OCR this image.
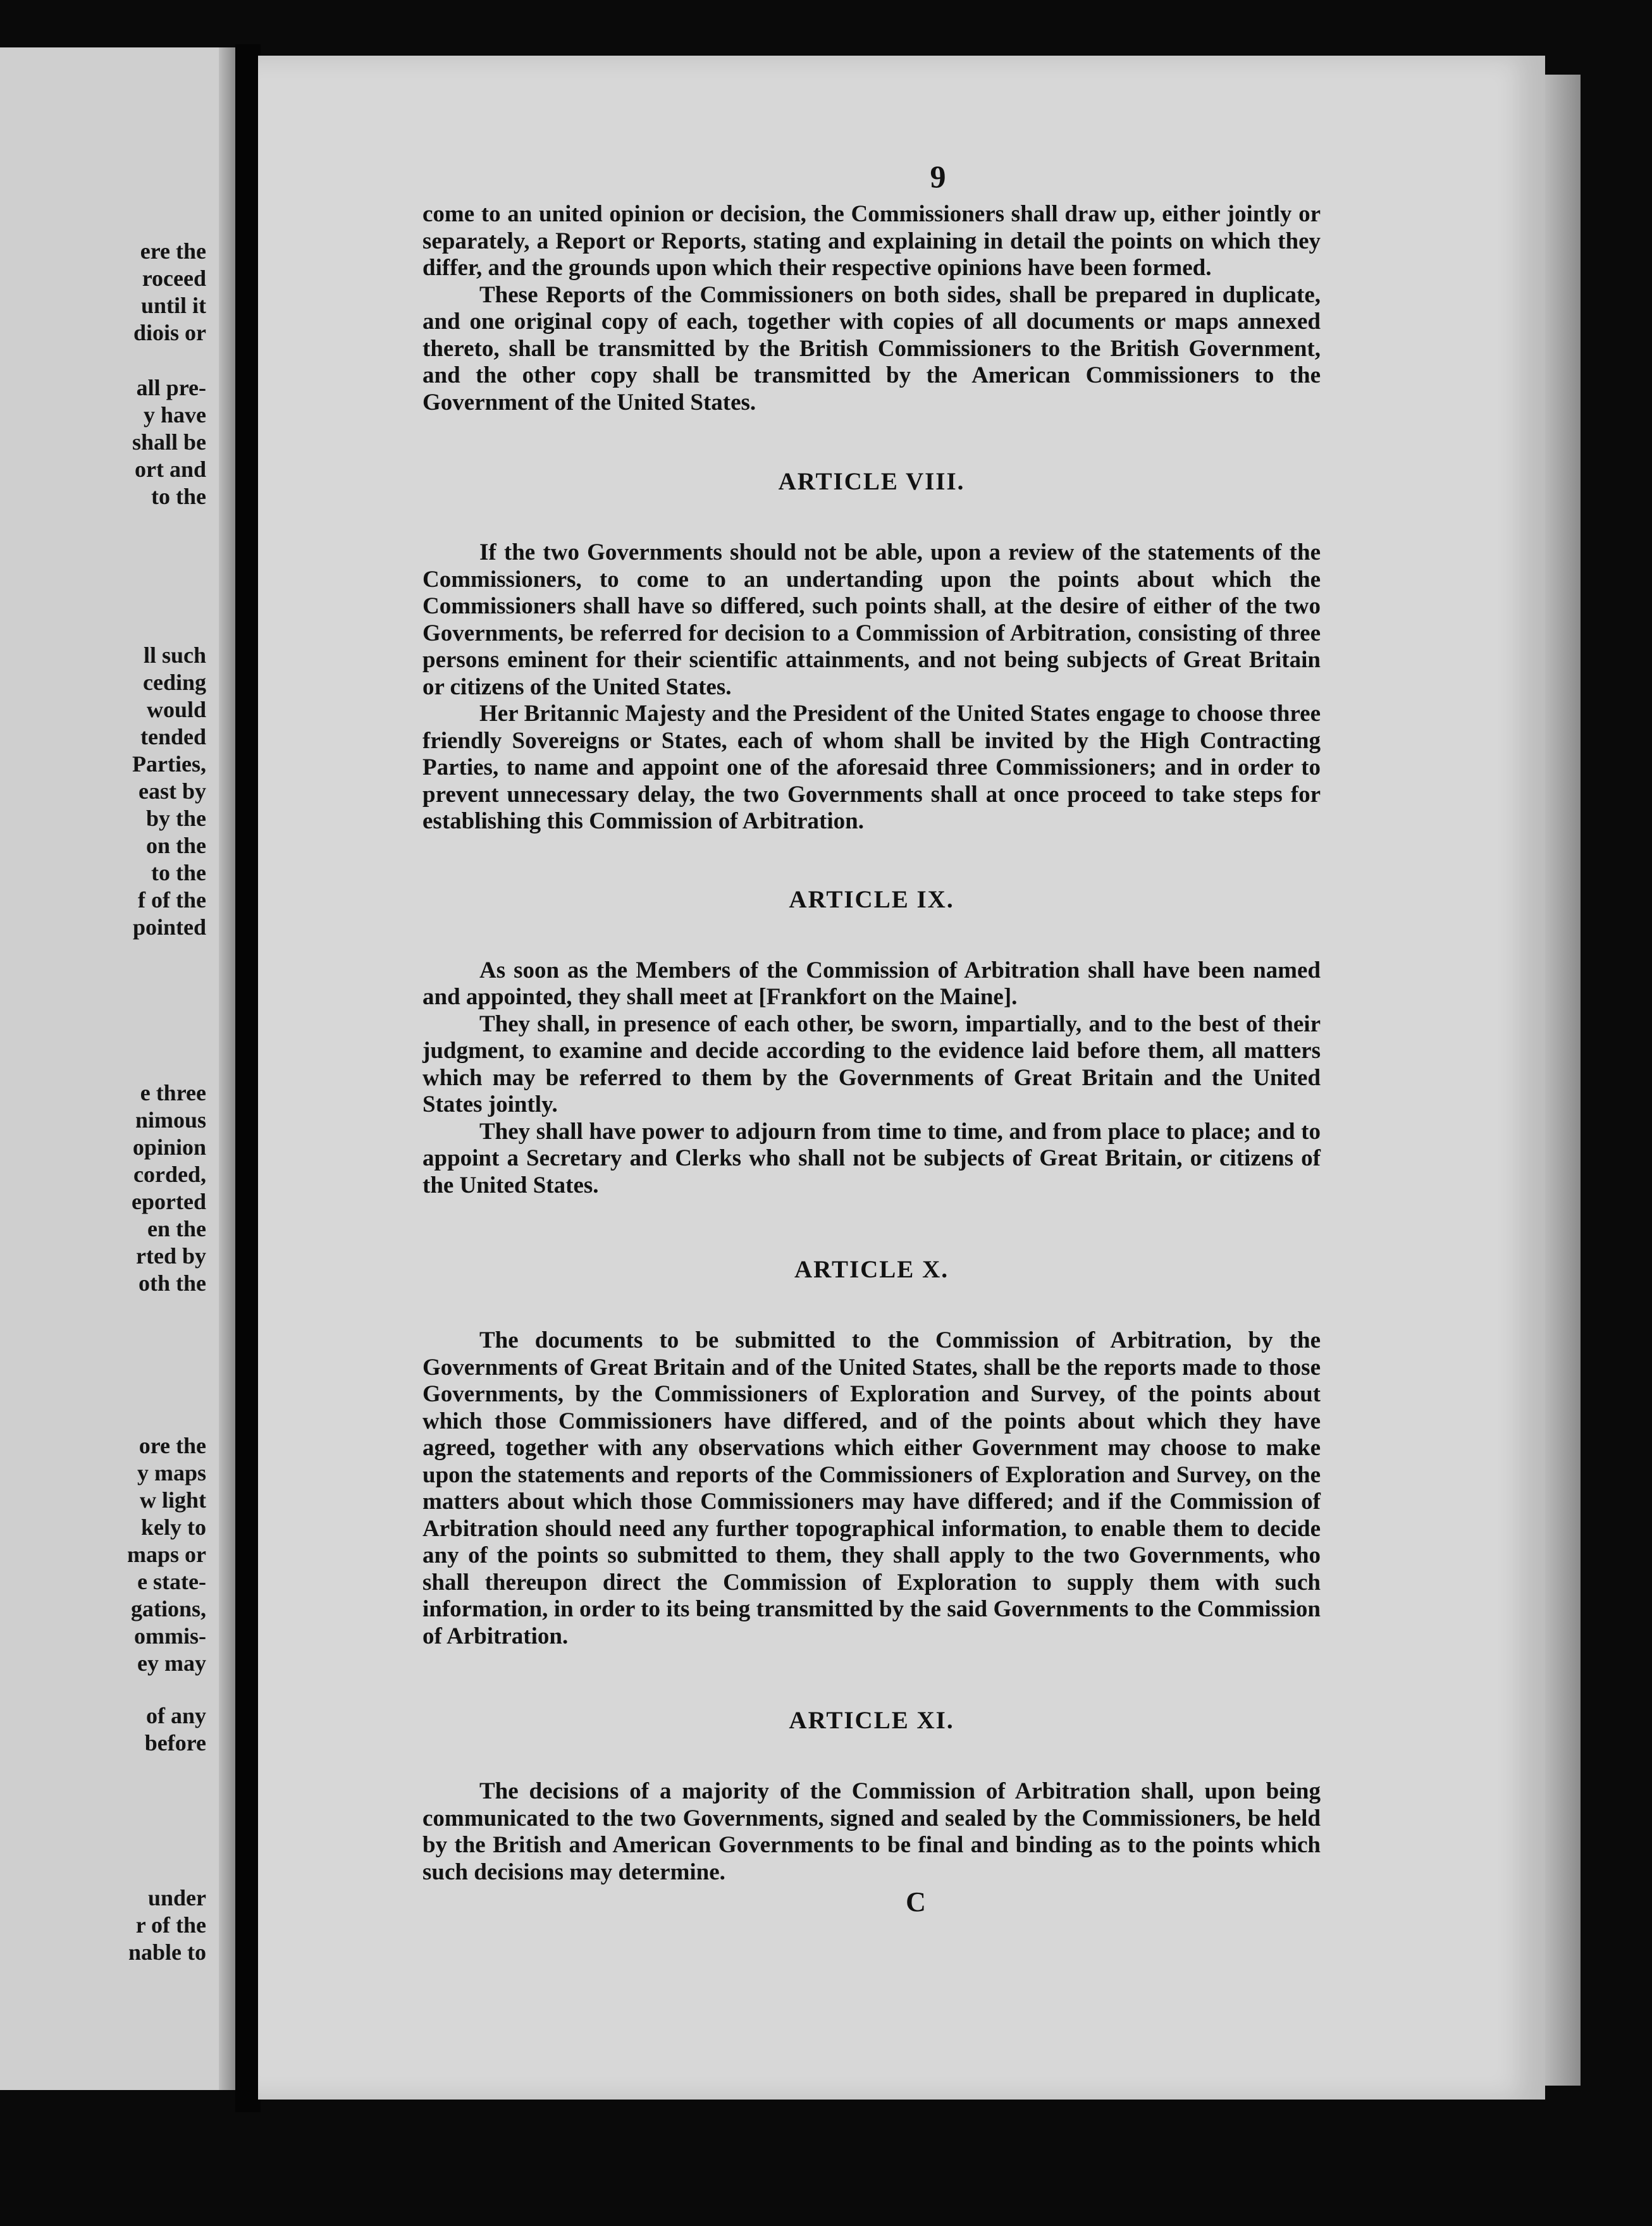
ere the
roceed
until it
diois or
all pre-
y have
shall be
ort and
to the
ll such
ceding
would
tended
Parties,
east by
by the
on the
to the
f of the
pointed
e three
nimous
opinion
corded,
eported
en the
rted by
oth the
ore the
y maps
w light
kely to
maps or
e state-
gations,
ommis-
ey may
of any
before
under
r of the
nable to
9

come to an united opinion or decision, the Commissioners shall draw up, either jointly or separately, a Report or Reports, stating and explaining in detail the points on which they differ, and the grounds upon which their respective opinions have been formed.

These Reports of the Commissioners on both sides, shall be prepared in duplicate, and one original copy of each, together with copies of all documents or maps annexed thereto, shall be transmitted by the British Commissioners to the British Government, and the other copy shall be transmitted by the American Commissioners to the Government of the United States.

ARTICLE VIII.

If the two Governments should not be able, upon a review of the statements of the Commissioners, to come to an undertanding upon the points about which the Commissioners shall have so differed, such points shall, at the desire of either of the two Governments, be referred for decision to a Commission of Arbitration, consisting of three persons eminent for their scientific attainments, and not being subjects of Great Britain or citizens of the United States.

Her Britannic Majesty and the President of the United States engage to choose three friendly Sovereigns or States, each of whom shall be invited by the High Contracting Parties, to name and appoint one of the aforesaid three Commissioners; and in order to prevent unnecessary delay, the two Governments shall at once proceed to take steps for establishing this Commission of Arbitration.

ARTICLE IX.

As soon as the Members of the Commission of Arbitration shall have been named and appointed, they shall meet at [Frankfort on the Maine].

They shall, in presence of each other, be sworn, impartially, and to the best of their judgment, to examine and decide according to the evidence laid before them, all matters which may be referred to them by the Governments of Great Britain and the United States jointly.

They shall have power to adjourn from time to time, and from place to place; and to appoint a Secretary and Clerks who shall not be subjects of Great Britain, or citizens of the United States.

ARTICLE X.

The documents to be submitted to the Commission of Arbitration, by the Governments of Great Britain and of the United States, shall be the reports made to those Governments, by the Commissioners of Exploration and Survey, of the points about which those Commissioners have differed, and of the points about which they have agreed, together with any observations which either Government may choose to make upon the statements and reports of the Commissioners of Exploration and Survey, on the matters about which those Commissioners may have differed; and if the Commission of Arbitration should need any further topographical information, to enable them to decide any of the points so submitted to them, they shall apply to the two Governments, who shall thereupon direct the Commission of Exploration to supply them with such information, in order to its being transmitted by the said Governments to the Commission of Arbitration.

ARTICLE XI.

The decisions of a majority of the Commission of Arbitration shall, upon being communicated to the two Governments, signed and sealed by the Commissioners, be held by the British and American Governments to be final and binding as to the points which such decisions may determine.

C
